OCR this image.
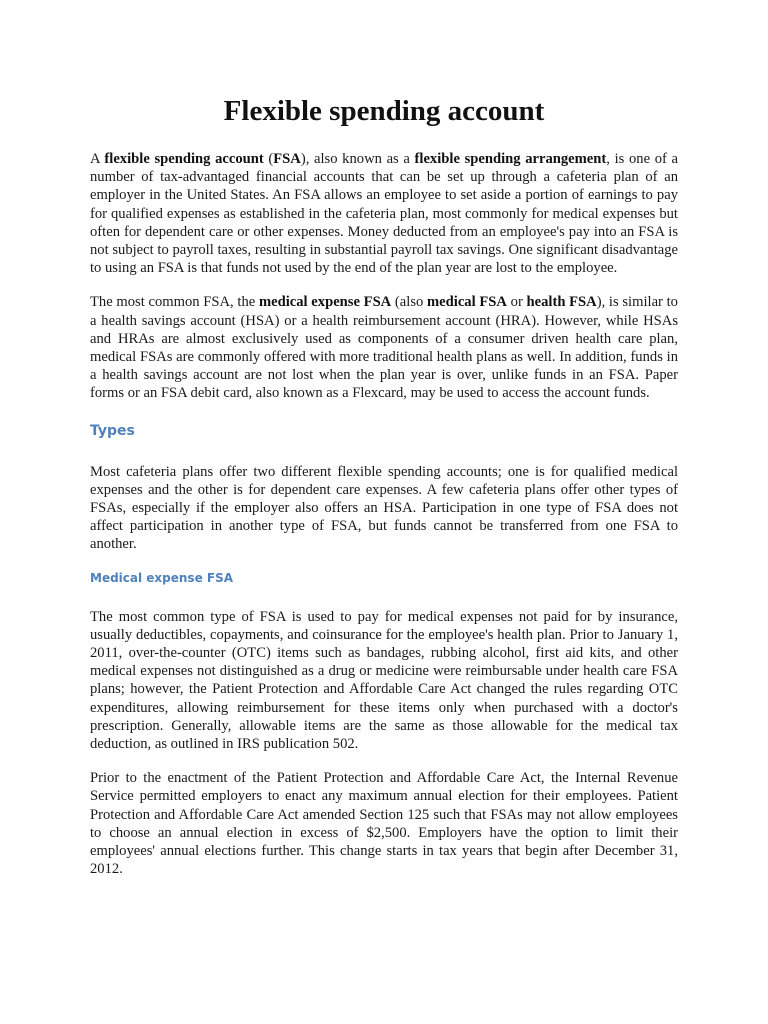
Flexible spending account

A flexible spending account (FSA), also known as a flexible spending arrangement, is one of a number of tax-advantaged financial accounts that can be set up through a cafeteria plan of an employer in the United States. An FSA allows an employee to set aside a portion of earnings to pay for qualified expenses as established in the cafeteria plan, most commonly for medical expenses but often for dependent care or other expenses. Money deducted from an employee's pay into an FSA is not subject to payroll taxes, resulting in substantial payroll tax savings. One significant disadvantage to using an FSA is that funds not used by the end of the plan year are lost to the employee.

The most common FSA, the medical expense FSA (also medical FSA or health FSA), is similar to a health savings account (HSA) or a health reimbursement account (HRA). However, while HSAs and HRAs are almost exclusively used as components of a consumer driven health care plan, medical FSAs are commonly offered with more traditional health plans as well. In addition, funds in a health savings account are not lost when the plan year is over, unlike funds in an FSA. Paper forms or an FSA debit card, also known as a Flexcard, may be used to access the account funds.

Types

Most cafeteria plans offer two different flexible spending accounts; one is for qualified medical expenses and the other is for dependent care expenses. A few cafeteria plans offer other types of FSAs, especially if the employer also offers an HSA. Participation in one type of FSA does not affect participation in another type of FSA, but funds cannot be transferred from one FSA to another.

Medical expense FSA

The most common type of FSA is used to pay for medical expenses not paid for by insurance, usually deductibles, copayments, and coinsurance for the employee's health plan. Prior to January 1, 2011, over-the-counter (OTC) items such as bandages, rubbing alcohol, first aid kits, and other medical expenses not distinguished as a drug or medicine were reimbursable under health care FSA plans; however, the Patient Protection and Affordable Care Act changed the rules regarding OTC expenditures, allowing reimbursement for these items only when purchased with a doctor's prescription. Generally, allowable items are the same as those allowable for the medical tax deduction, as outlined in IRS publication 502.

Prior to the enactment of the Patient Protection and Affordable Care Act, the Internal Revenue Service permitted employers to enact any maximum annual election for their employees. Patient Protection and Affordable Care Act amended Section 125 such that FSAs may not allow employees to choose an annual election in excess of $2,500. Employers have the option to limit their employees' annual elections further. This change starts in tax years that begin after December 31, 2012.
